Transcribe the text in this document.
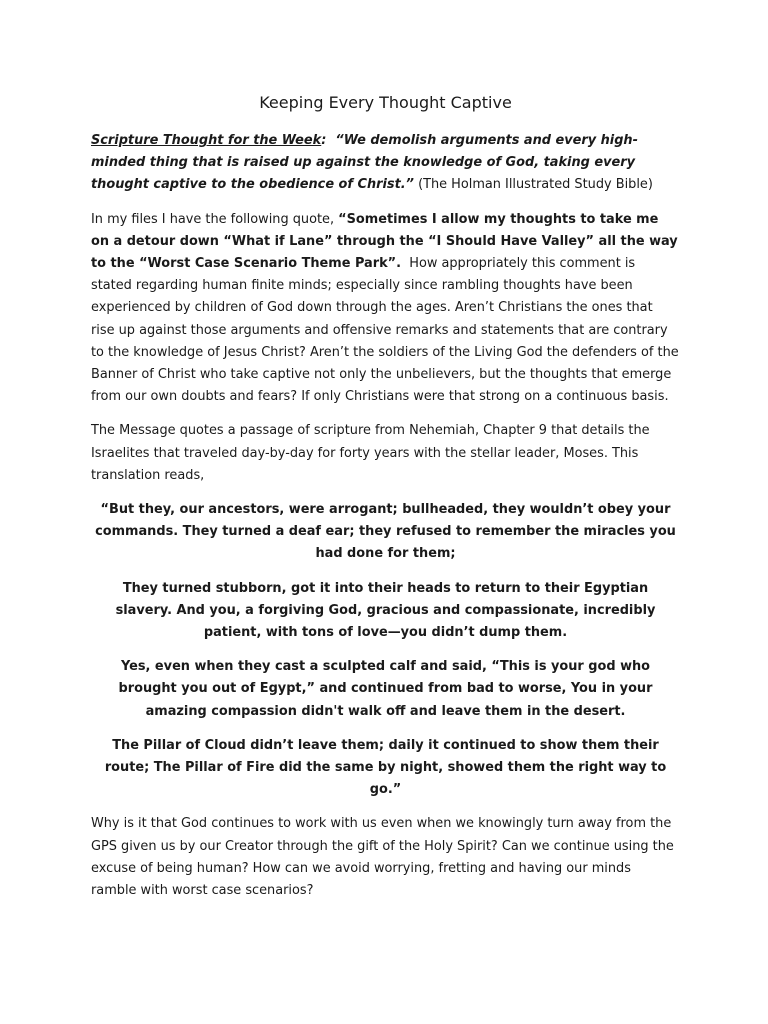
Keeping Every Thought Captive

Scripture Thought for the Week: “We demolish arguments and every high-minded thing that is raised up against the knowledge of God, taking every thought captive to the obedience of Christ.” (The Holman Illustrated Study Bible)

In my files I have the following quote, “Sometimes I allow my thoughts to take me on a detour down “What if Lane” through the “I Should Have Valley” all the way to the “Worst Case Scenario Theme Park”. How appropriately this comment is stated regarding human finite minds; especially since rambling thoughts have been experienced by children of God down through the ages. Aren’t Christians the ones that rise up against those arguments and offensive remarks and statements that are contrary to the knowledge of Jesus Christ? Aren’t the soldiers of the Living God the defenders of the Banner of Christ who take captive not only the unbelievers, but the thoughts that emerge from our own doubts and fears? If only Christians were that strong on a continuous basis.

The Message quotes a passage of scripture from Nehemiah, Chapter 9 that details the Israelites that traveled day-by-day for forty years with the stellar leader, Moses. This translation reads,

“But they, our ancestors, were arrogant; bullheaded, they wouldn’t obey your commands. They turned a deaf ear; they refused to remember the miracles you had done for them;

They turned stubborn, got it into their heads to return to their Egyptian slavery. And you, a forgiving God, gracious and compassionate, incredibly patient, with tons of love—you didn’t dump them.

Yes, even when they cast a sculpted calf and said, “This is your god who brought you out of Egypt,” and continued from bad to worse, You in your amazing compassion didn't walk off and leave them in the desert.

The Pillar of Cloud didn’t leave them; daily it continued to show them their route; The Pillar of Fire did the same by night, showed them the right way to go.”

Why is it that God continues to work with us even when we knowingly turn away from the GPS given us by our Creator through the gift of the Holy Spirit? Can we continue using the excuse of being human? How can we avoid worrying, fretting and having our minds ramble with worst case scenarios?
